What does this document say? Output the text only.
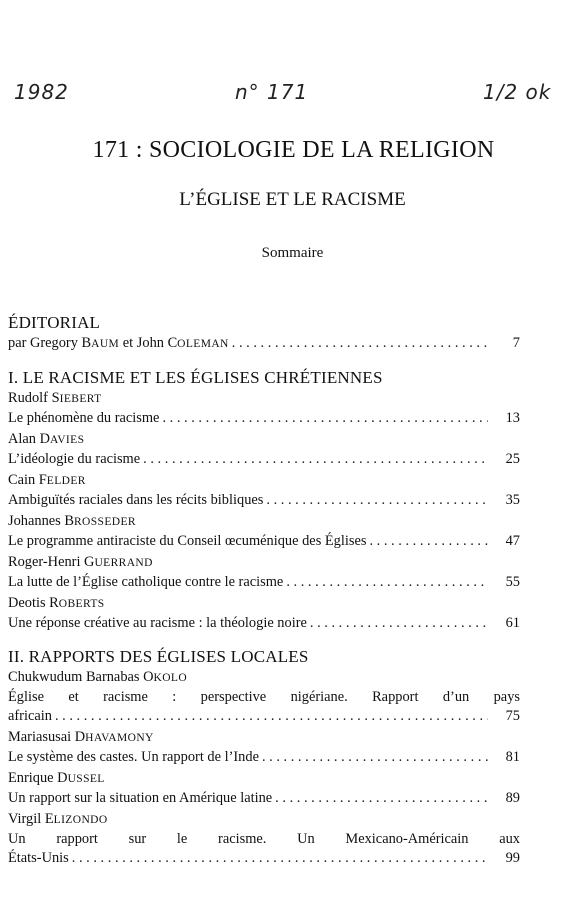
1982	n° 171	1/2 ok
171 : SOCIOLOGIE DE LA RELIGION
L’ÉGLISE ET LE RACISME
Sommaire
ÉDITORIAL
par Gregory BAUM et John COLEMAN . . .	7
I. LE RACISME ET LES ÉGLISES CHRÉTIENNES
Rudolf SIEBERT
Le phénomène du racisme . . .	13
Alan DAVIES
L’idéologie du racisme . . .	25
Cain FELDER
Ambiguïtés raciales dans les récits bibliques . . .	35
Johannes BROSSEDER
Le programme antiraciste du Conseil œcuménique des Églises . . .	47
Roger-Henri GUERRAND
La lutte de l’Église catholique contre le racisme . . .	55
Deotis ROBERTS
Une réponse créative au racisme : la théologie noire . . .	61
II. RAPPORTS DES ÉGLISES LOCALES
Chukwudum Barnabas OKOLO
Église et racisme : perspective nigériane. Rapport d’un pays
africain . . .	75
Mariasusai DHAVAMONY
Le système des castes. Un rapport de l’Inde . . .	81
Enrique DUSSEL
Un rapport sur la situation en Amérique latine . . .	89
Virgil ELIZONDO
Un rapport sur le racisme. Un Mexicano-Américain aux
États-Unis . . .	99
